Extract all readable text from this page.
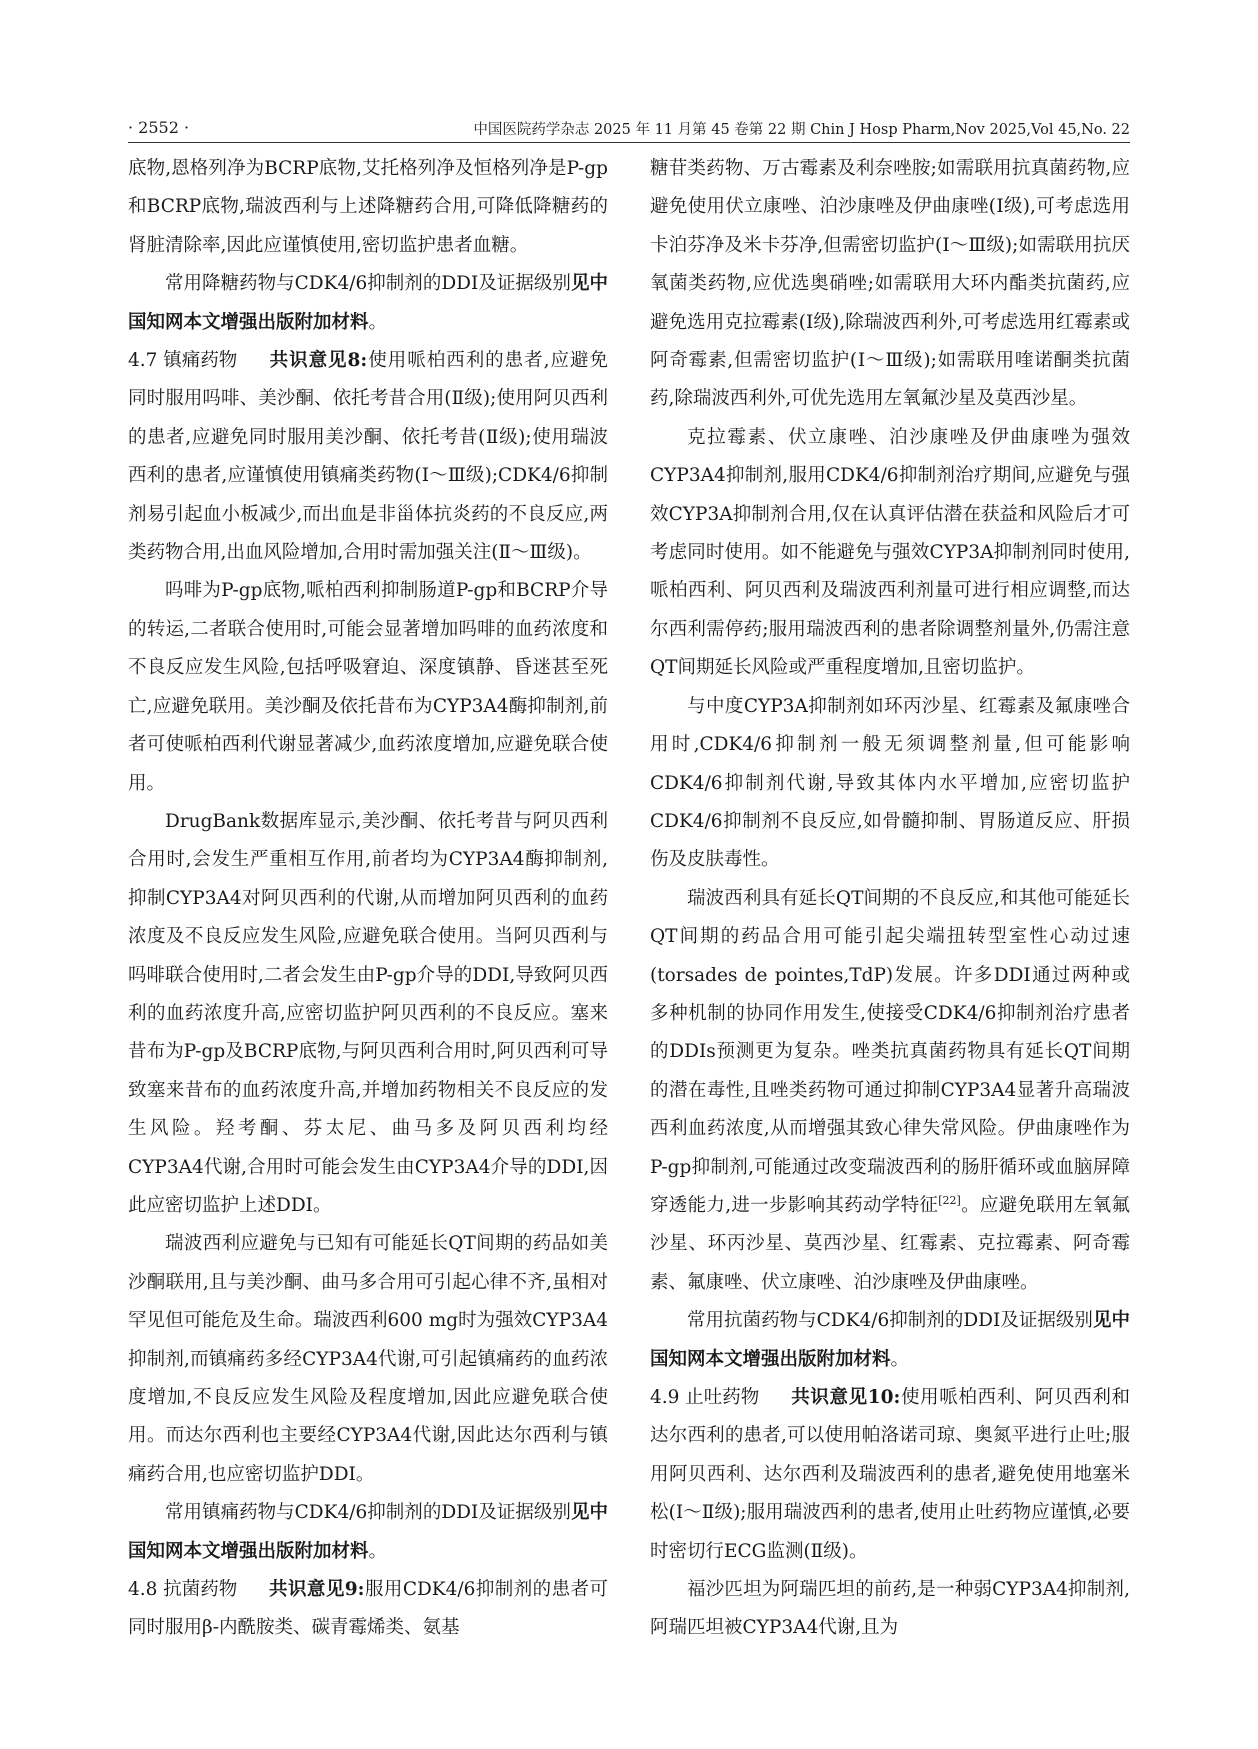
· 2552 ·	中国医院药学杂志 2025 年 11 月第 45 卷第 22 期 Chin J Hosp Pharm,Nov 2025,Vol 45,No. 22

底物,恩格列净为BCRP底物,艾托格列净及恒格列净是P-gp和BCRP底物,瑞波西利与上述降糖药合用,可降低降糖药的肾脏清除率,因此应谨慎使用,密切监护患者血糖。

常用降糖药物与CDK4/6抑制剂的DDI及证据级别见中国知网本文增强出版附加材料。

4.7 镇痛药物 共识意见8:使用哌柏西利的患者,应避免同时服用吗啡、美沙酮、依托考昔合用(Ⅱ级);使用阿贝西利的患者,应避免同时服用美沙酮、依托考昔(Ⅱ级);使用瑞波西利的患者,应谨慎使用镇痛类药物(Ⅰ～Ⅲ级);CDK4/6抑制剂易引起血小板减少,而出血是非甾体抗炎药的不良反应,两类药物合用,出血风险增加,合用时需加强关注(Ⅱ～Ⅲ级)。

吗啡为P-gp底物,哌柏西利抑制肠道P-gp和BCRP介导的转运,二者联合使用时,可能会显著增加吗啡的血药浓度和不良反应发生风险,包括呼吸窘迫、深度镇静、昏迷甚至死亡,应避免联用。美沙酮及依托昔布为CYP3A4酶抑制剂,前者可使哌柏西利代谢显著减少,血药浓度增加,应避免联合使用。

DrugBank数据库显示,美沙酮、依托考昔与阿贝西利合用时,会发生严重相互作用,前者均为CYP3A4酶抑制剂,抑制CYP3A4对阿贝西利的代谢,从而增加阿贝西利的血药浓度及不良反应发生风险,应避免联合使用。当阿贝西利与吗啡联合使用时,二者会发生由P-gp介导的DDI,导致阿贝西利的血药浓度升高,应密切监护阿贝西利的不良反应。塞来昔布为P-gp及BCRP底物,与阿贝西利合用时,阿贝西利可导致塞来昔布的血药浓度升高,并增加药物相关不良反应的发生风险。羟考酮、芬太尼、曲马多及阿贝西利均经CYP3A4代谢,合用时可能会发生由CYP3A4介导的DDI,因此应密切监护上述DDI。

瑞波西利应避免与已知有可能延长QT间期的药品如美沙酮联用,且与美沙酮、曲马多合用可引起心律不齐,虽相对罕见但可能危及生命。瑞波西利600 mg时为强效CYP3A4抑制剂,而镇痛药多经CYP3A4代谢,可引起镇痛药的血药浓度增加,不良反应发生风险及程度增加,因此应避免联合使用。而达尔西利也主要经CYP3A4代谢,因此达尔西利与镇痛药合用,也应密切监护DDI。

常用镇痛药物与CDK4/6抑制剂的DDI及证据级别见中国知网本文增强出版附加材料。

4.8 抗菌药物 共识意见9:服用CDK4/6抑制剂的患者可同时服用β-内酰胺类、碳青霉烯类、氨基

糖苷类药物、万古霉素及利奈唑胺;如需联用抗真菌药物,应避免使用伏立康唑、泊沙康唑及伊曲康唑(Ⅰ级),可考虑选用卡泊芬净及米卡芬净,但需密切监护(Ⅰ～Ⅲ级);如需联用抗厌氧菌类药物,应优选奥硝唑;如需联用大环内酯类抗菌药,应避免选用克拉霉素(Ⅰ级),除瑞波西利外,可考虑选用红霉素或阿奇霉素,但需密切监护(Ⅰ～Ⅲ级);如需联用喹诺酮类抗菌药,除瑞波西利外,可优先选用左氧氟沙星及莫西沙星。

克拉霉素、伏立康唑、泊沙康唑及伊曲康唑为强效CYP3A4抑制剂,服用CDK4/6抑制剂治疗期间,应避免与强效CYP3A抑制剂合用,仅在认真评估潜在获益和风险后才可考虑同时使用。如不能避免与强效CYP3A抑制剂同时使用,哌柏西利、阿贝西利及瑞波西利剂量可进行相应调整,而达尔西利需停药;服用瑞波西利的患者除调整剂量外,仍需注意QT间期延长风险或严重程度增加,且密切监护。

与中度CYP3A抑制剂如环丙沙星、红霉素及氟康唑合用时,CDK4/6抑制剂一般无须调整剂量,但可能影响CDK4/6抑制剂代谢,导致其体内水平增加,应密切监护CDK4/6抑制剂不良反应,如骨髓抑制、胃肠道反应、肝损伤及皮肤毒性。

瑞波西利具有延长QT间期的不良反应,和其他可能延长QT间期的药品合用可能引起尖端扭转型室性心动过速(torsades de pointes,TdP)发展。许多DDI通过两种或多种机制的协同作用发生,使接受CDK4/6抑制剂治疗患者的DDIs预测更为复杂。唑类抗真菌药物具有延长QT间期的潜在毒性,且唑类药物可通过抑制CYP3A4显著升高瑞波西利血药浓度,从而增强其致心律失常风险。伊曲康唑作为P-gp抑制剂,可能通过改变瑞波西利的肠肝循环或血脑屏障穿透能力,进一步影响其药动学特征[22]。应避免联用左氧氟沙星、环丙沙星、莫西沙星、红霉素、克拉霉素、阿奇霉素、氟康唑、伏立康唑、泊沙康唑及伊曲康唑。

常用抗菌药物与CDK4/6抑制剂的DDI及证据级别见中国知网本文增强出版附加材料。

4.9 止吐药物 共识意见10:使用哌柏西利、阿贝西利和达尔西利的患者,可以使用帕洛诺司琼、奥氮平进行止吐;服用阿贝西利、达尔西利及瑞波西利的患者,避免使用地塞米松(Ⅰ～Ⅱ级);服用瑞波西利的患者,使用止吐药物应谨慎,必要时密切行ECG监测(Ⅱ级)。

福沙匹坦为阿瑞匹坦的前药,是一种弱CYP3A4抑制剂,阿瑞匹坦被CYP3A4代谢,且为
